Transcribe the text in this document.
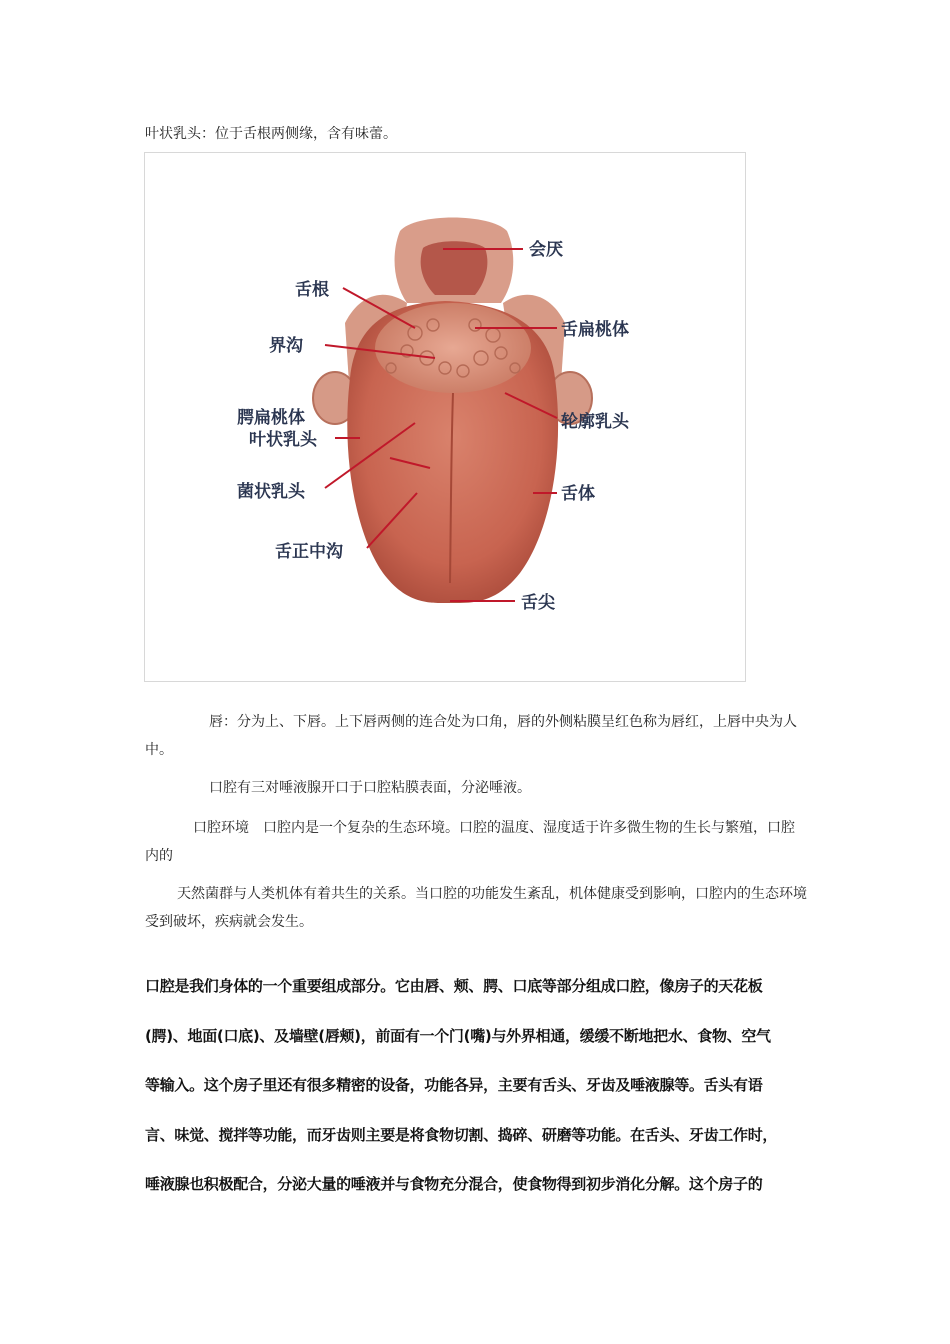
叶状乳头：位于舌根两侧缘，含有味蕾。
会厌
舌根
舌扁桃体
界沟
腭扁桃体	轮廓乳头
叶状乳头
菌状乳头	舌体
舌正中沟
舌尖
唇：分为上、下唇。上下唇两侧的连合处为口角，唇的外侧粘膜呈红色称为唇红，上唇中央为人中。
口腔有三对唾液腺开口于口腔粘膜表面，分泌唾液。
口腔环境　口腔内是一个复杂的生态环境。口腔的温度、湿度适于许多微生物的生长与繁殖，口腔内的
天然菌群与人类机体有着共生的关系。当口腔的功能发生紊乱，机体健康受到影响，口腔内的生态环境受到破坏，疾病就会发生。
口腔是我们身体的一个重要组成部分。它由唇、颊、腭、口底等部分组成口腔，像房子的天花板
(腭)、地面(口底)、及墙壁(唇颊)，前面有一个门(嘴)与外界相通，缓缓不断地把水、食物、空气
等输入。这个房子里还有很多精密的设备，功能各异，主要有舌头、牙齿及唾液腺等。舌头有语
言、味觉、搅拌等功能，而牙齿则主要是将食物切割、捣碎、研磨等功能。在舌头、牙齿工作时，
唾液腺也积极配合，分泌大量的唾液并与食物充分混合，使食物得到初步消化分解。这个房子的
